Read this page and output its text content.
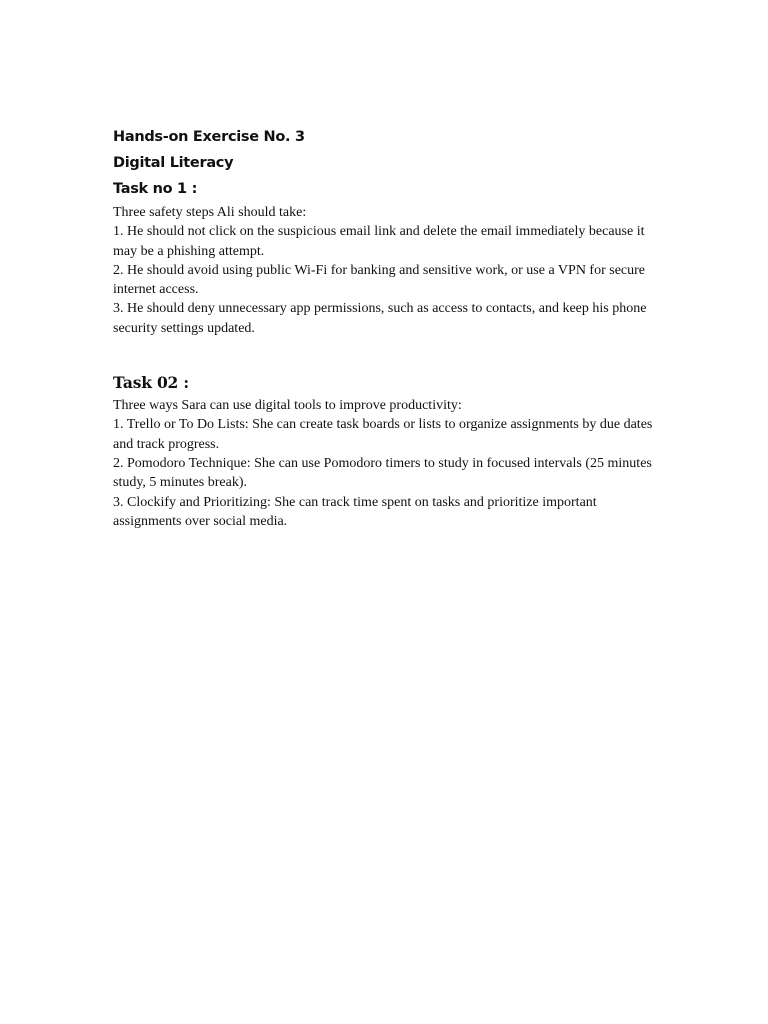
Hands-on Exercise No. 3

Digital Literacy

Task no 1 :

Three safety steps Ali should take:

1. He should not click on the suspicious email link and delete the email immediately because it may be a phishing attempt.

2. He should avoid using public Wi-Fi for banking and sensitive work, or use a VPN for secure internet access.

3. He should deny unnecessary app permissions, such as access to contacts, and keep his phone security settings updated.

Task 02 :

Three ways Sara can use digital tools to improve productivity:

1. Trello or To Do Lists: She can create task boards or lists to organize assignments by due dates and track progress.

2. Pomodoro Technique: She can use Pomodoro timers to study in focused intervals (25 minutes study, 5 minutes break).

3. Clockify and Prioritizing: She can track time spent on tasks and prioritize important assignments over social media.
